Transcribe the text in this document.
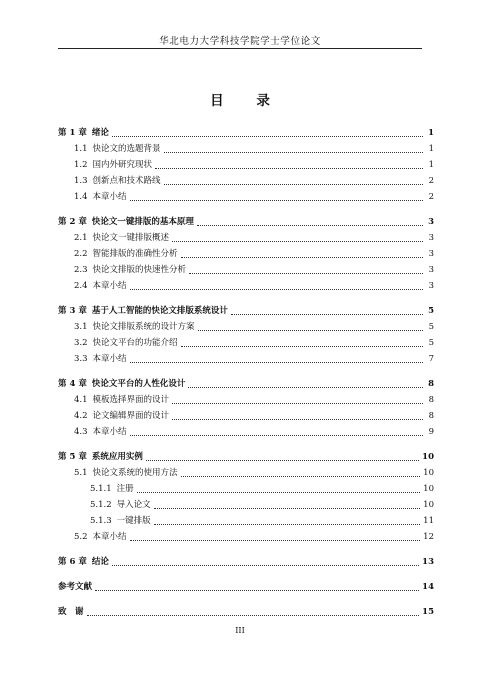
华北电力大学科技学院学士学位论文
目 录
第 1 章 绪论	1
1.1 快论文的选题背景	1
1.2 国内外研究现状	1
1.3 创新点和技术路线	2
1.4 本章小结	2
第 2 章 快论文一键排版的基本原理	3
2.1 快论文一键排版概述	3
2.2 智能排版的准确性分析	3
2.3 快论文排版的快速性分析	3
2.4 本章小结	3
第 3 章 基于人工智能的快论文排版系统设计	5
3.1 快论文排版系统的设计方案	5
3.2 快论文平台的功能介绍	5
3.3 本章小结	7
第 4 章 快论文平台的人性化设计	8
4.1 模板选择界面的设计	8
4.2 论文编辑界面的设计	8
4.3 本章小结	9
第 5 章 系统应用实例	10
5.1 快论文系统的使用方法	10
5.1.1 注册	10
5.1.2 导入论文	10
5.1.3 一键排版	11
5.2 本章小结	12
第 6 章 结论	13
参考文献	14
致　谢	15
III
